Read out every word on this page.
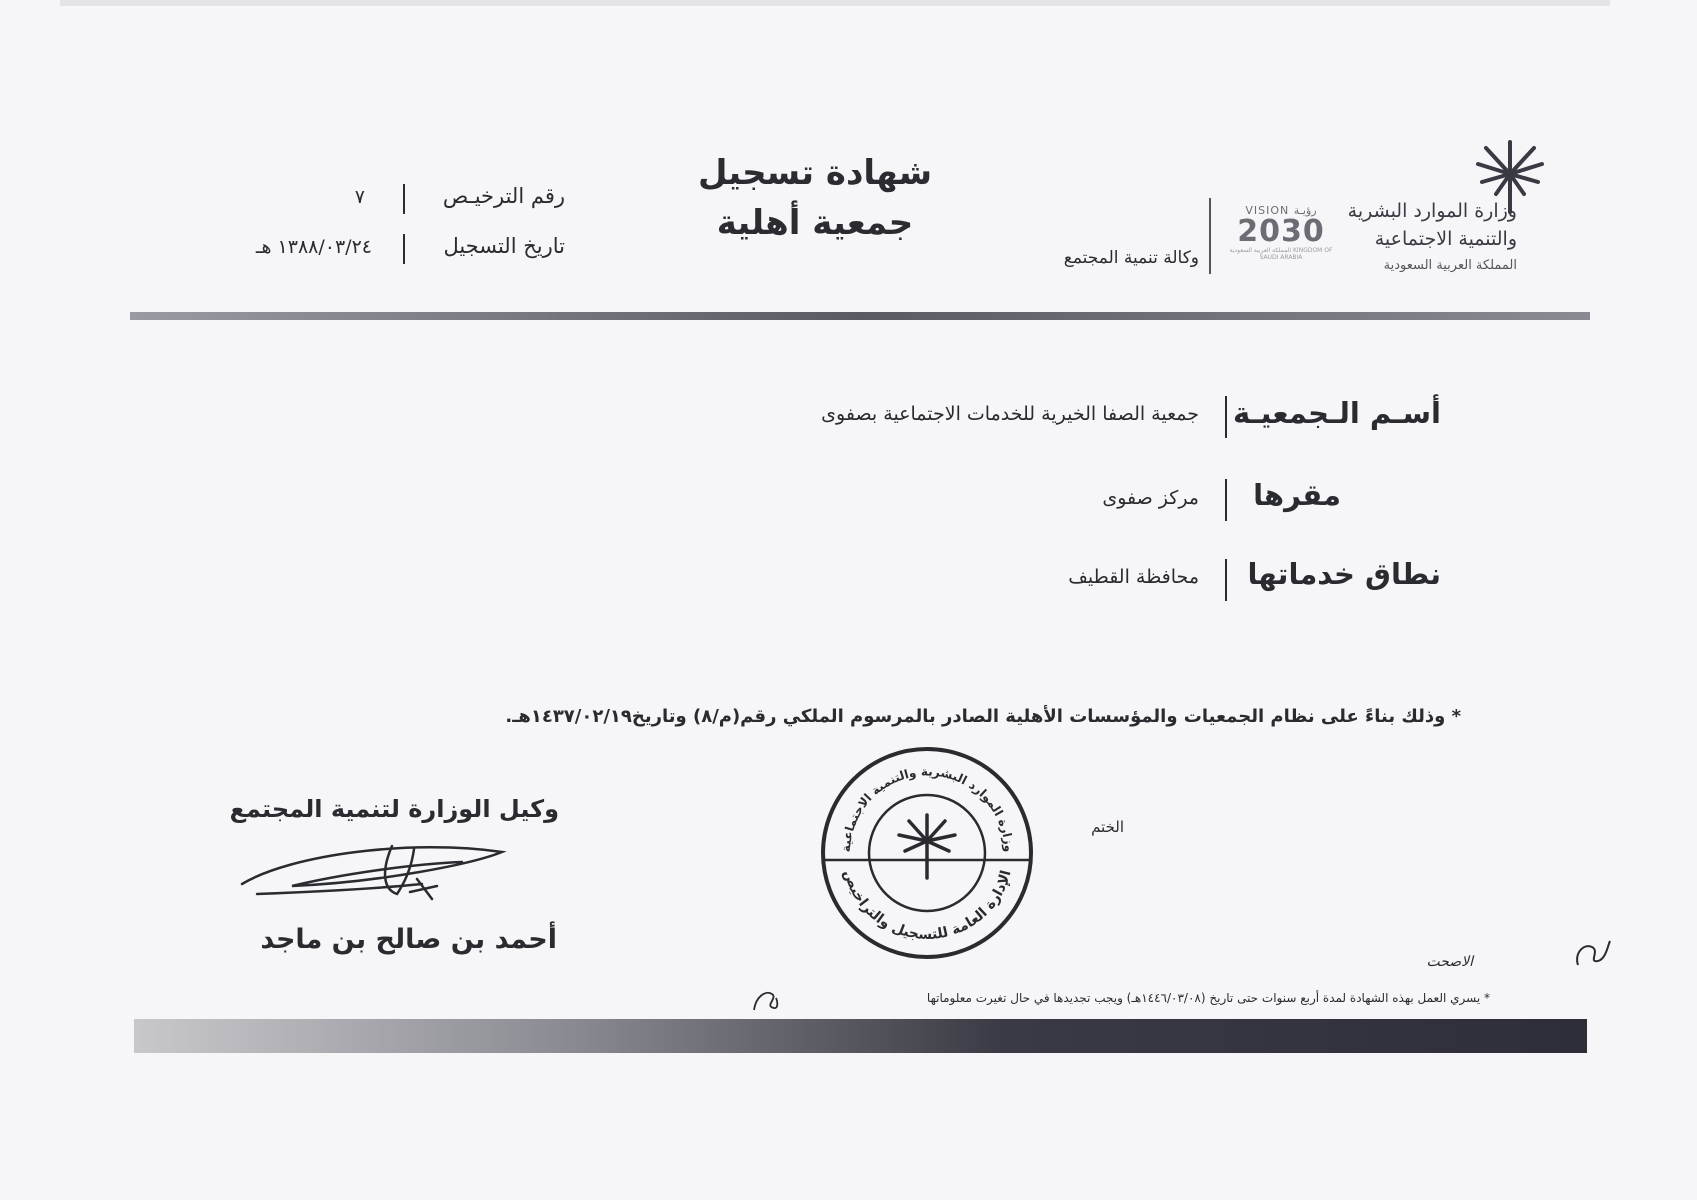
وزارة الموارد البشرية
والتنمية الاجتماعية
المملكة العربية السعودية
VISION رؤيـة
2030
المملكة العربية السعودية KINGDOM OF SAUDI ARABIA
وكالة تنمية المجتمع
شهادة تسجيل
جمعية أهلية
رقم الترخيـص
٧
تاريخ التسجيل
١٣٨٨/٠٣/٢٤ هـ
أسـم الـجمعيـة
جمعية الصفا الخيرية للخدمات الاجتماعية بصفوى
مقرها
مركز صفوى
نطاق خدماتها
محافظة القطيف
* وذلك بناءً على نظام الجمعيات والمؤسسات الأهلية الصادر بالمرسوم الملكي رقم(م/٨) وتاريخ١٤٣٧/٠٢/١٩هـ.
وكيل الوزارة لتنمية المجتمع
أحمد بن صالح بن ماجد
الختم
وزارة الموارد البشرية والتنمية الاجتماعية
الإدارة العامة للتسجيل والتراخيص
الاصحت
* يسري العمل بهذه الشهادة لمدة أربع سنوات حتى تاريخ (١٤٤٦/٠٣/٠٨هـ) ويجب تجديدها في حال تغيرت معلوماتها
